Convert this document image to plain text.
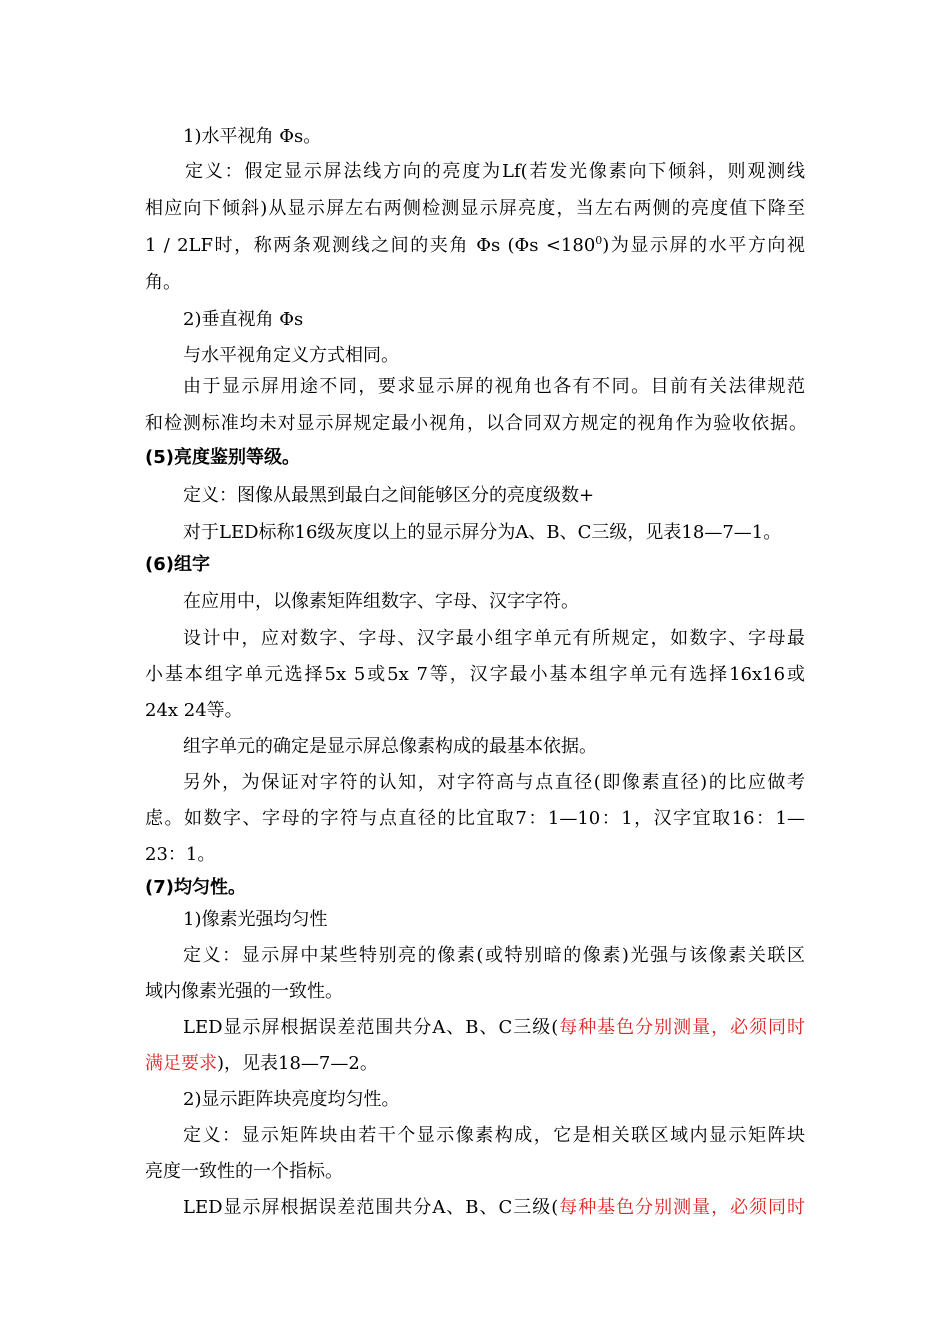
1)水平视角 Φs。
定义：假定显示屏法线方向的亮度为Lf(若发光像素向下倾斜，则观测线
相应向下倾斜)从显示屏左右两侧检测显示屏亮度，当左右两侧的亮度值下降至
1 / 2LF时，称两条观测线之间的夹角 Φs $(\Phi s <180^0)$为显示屏的水平方向视
角。
2)垂直视角 Φs
与水平视角定义方式相同。
由于显示屏用途不同，要求显示屏的视角也各有不同。目前有关法律规范
和检测标准均未对显示屏规定最小视角，以合同双方规定的视角作为验收依据。
(5)亮度鉴别等级。
定义：图像从最黑到最白之间能够区分的亮度级数+
对于LED标称16级灰度以上的显示屏分为A、B、C三级，见表18—7—1。
(6)组字
在应用中，以像素矩阵组数字、字母、汉字字符。
设计中，应对数字、字母、汉字最小组字单元有所规定，如数字、字母最
小基本组字单元选择5x 5或5x 7等，汉字最小基本组字单元有选择16x16或
24x 24等。
组字单元的确定是显示屏总像素构成的最基本依据。
另外，为保证对字符的认知，对字符高与点直径(即像素直径)的比应做考
虑。如数字、字母的字符与点直径的比宜取7：1—10：1，汉字宜取16：1—
23：1。
(7)均匀性。
1)像素光强均匀性
定义：显示屏中某些特别亮的像素(或特别暗的像素)光强与该像素关联区
域内像素光强的一致性。
LED显示屏根据误差范围共分A、B、C三级(每种基色分别测量，必须同时
满足要求)，见表18—7—2。
2)显示距阵块亮度均匀性。
定义：显示矩阵块由若干个显示像素构成，它是相关联区域内显示矩阵块
亮度一致性的一个指标。
LED显示屏根据误差范围共分A、B、C三级(每种基色分别测量，必须同时
